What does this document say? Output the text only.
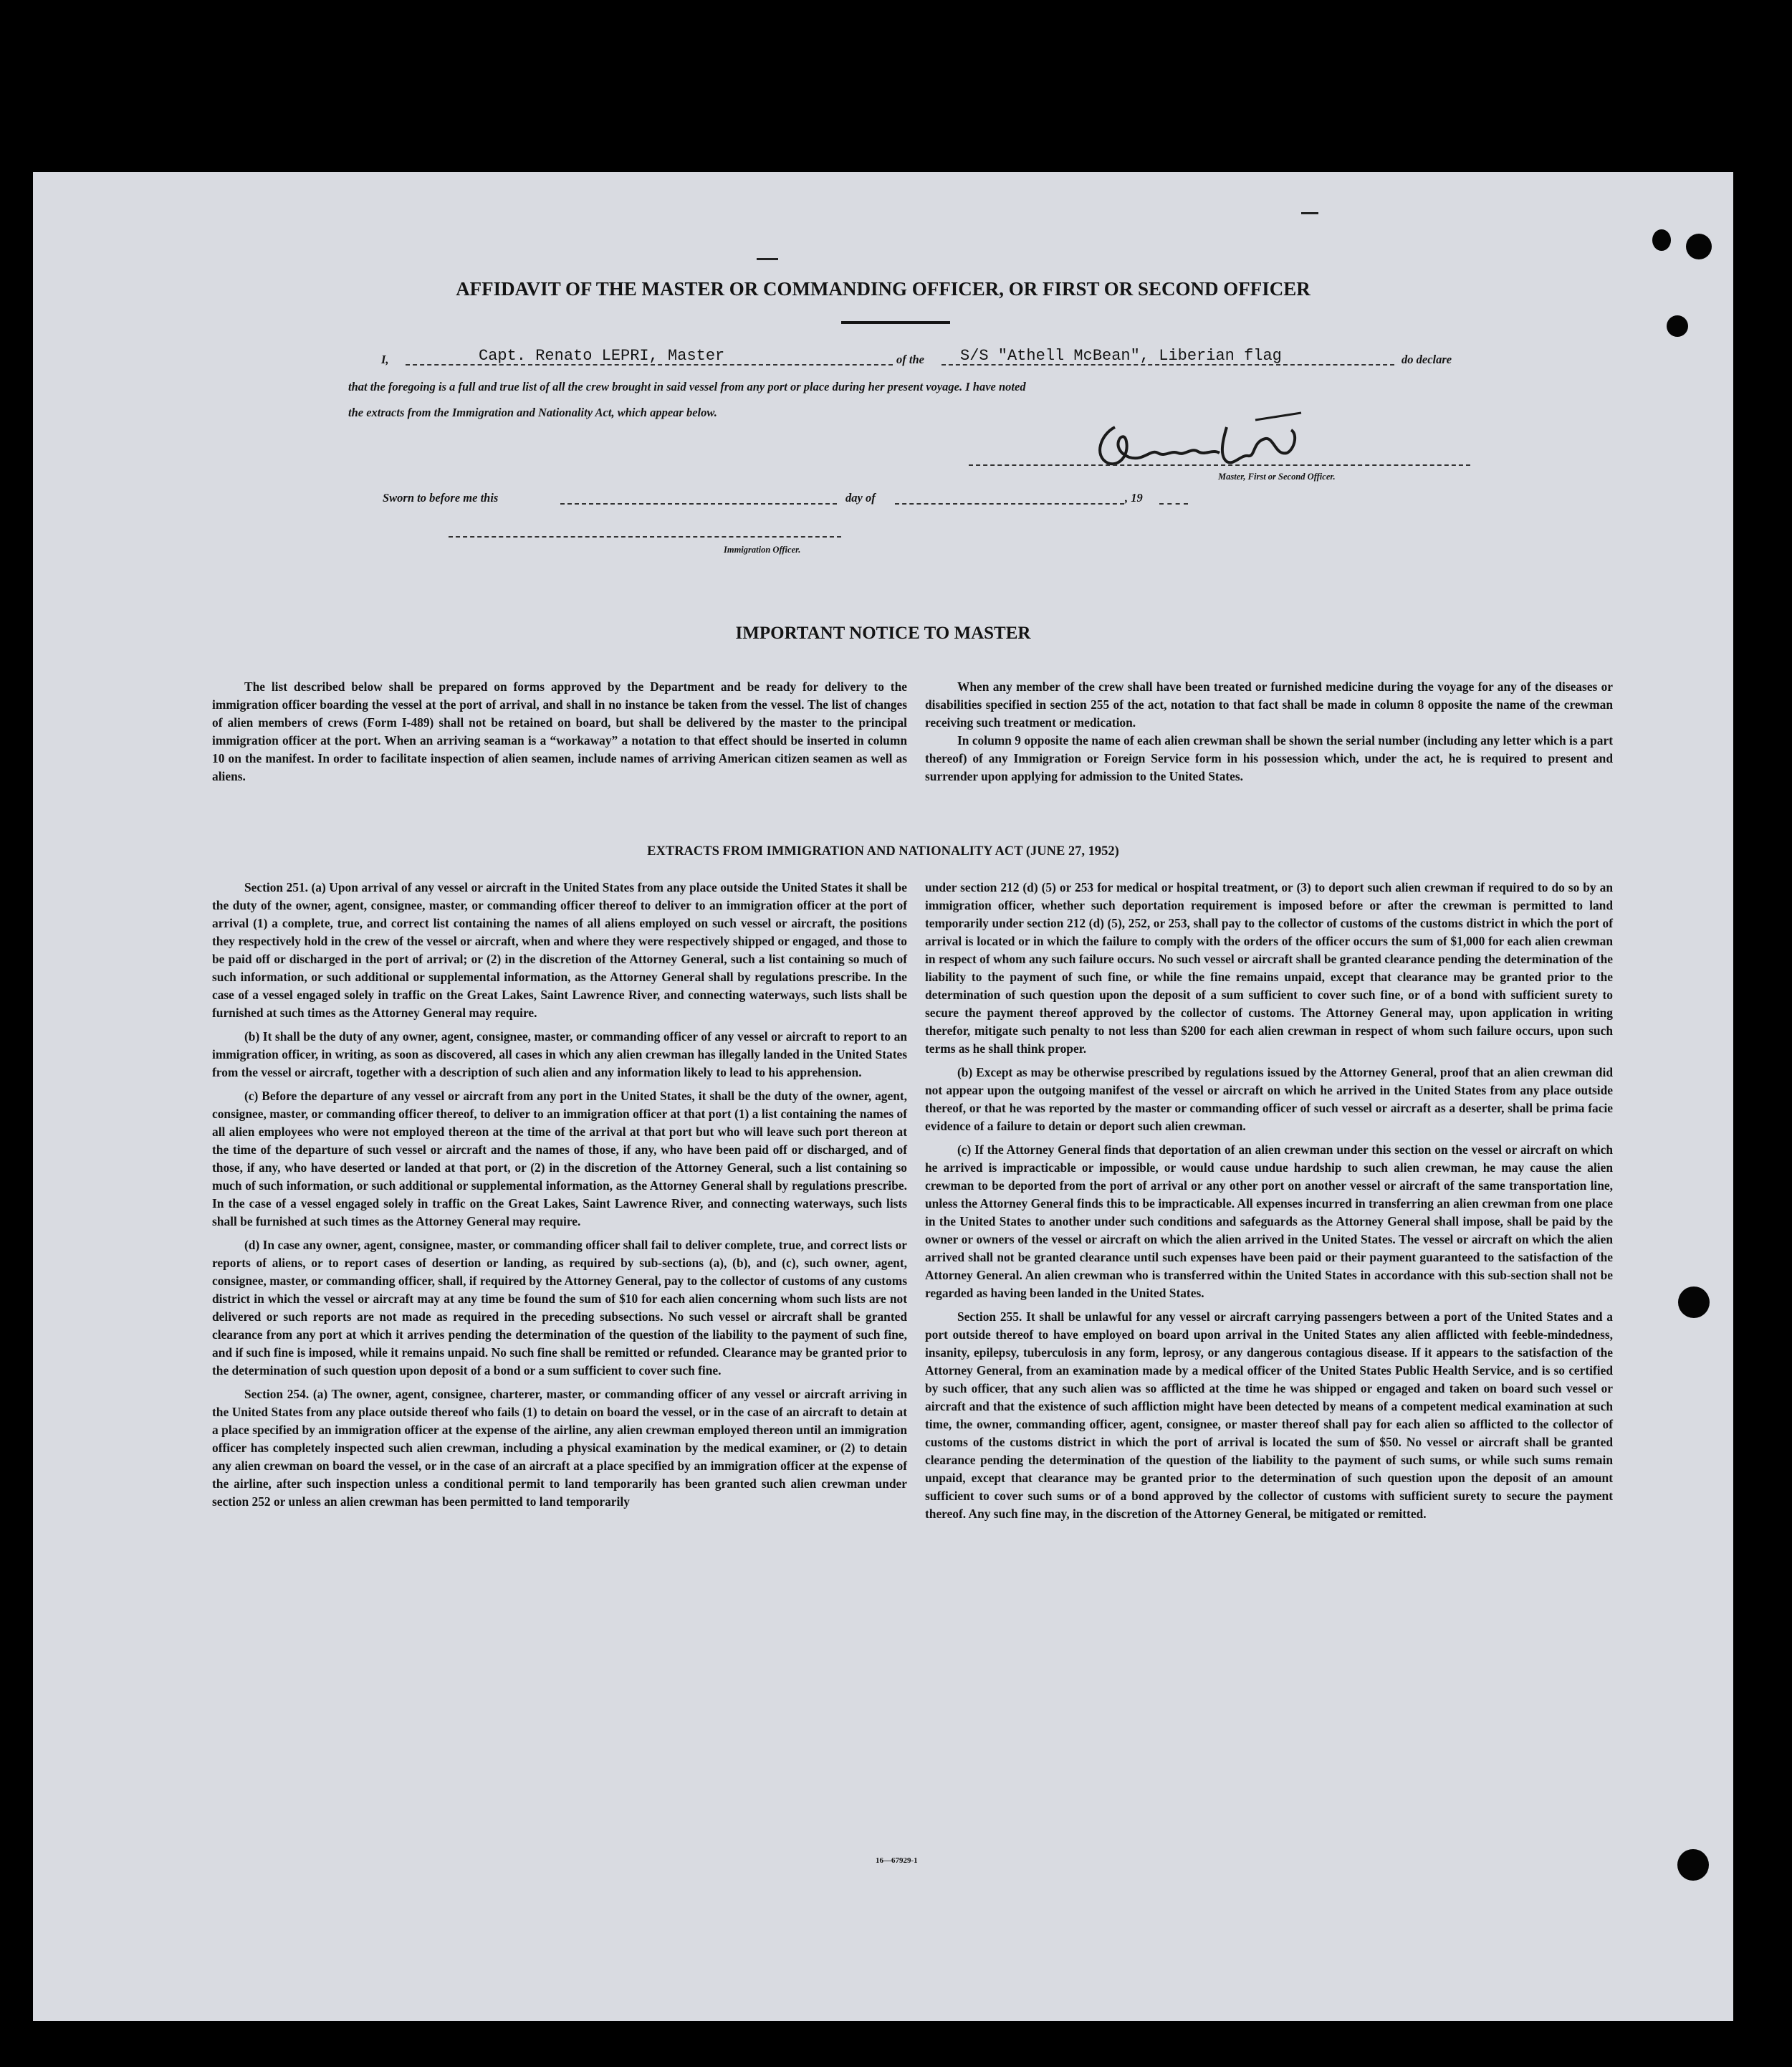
AFFIDAVIT OF THE MASTER OR COMMANDING OFFICER, OR FIRST OR SECOND OFFICER
I,	Capt. Renato LEPRI, Master	of the S/S "Athell McBean", Liberian flag	do declare
that the foregoing is a full and true list of all the crew brought in said vessel from any port or place during her present voyage. I have noted
the extracts from the Immigration and Nationality Act, which appear below.
Master, First or Second Officer.
Sworn to before me this	day of	, 19
Immigration Officer.
IMPORTANT NOTICE TO MASTER

The list described below shall be prepared on forms approved by the Department and be ready for delivery to the immigration officer boarding the vessel at the port of arrival, and shall in no instance be taken from the vessel. The list of changes of alien members of crews (Form I-489) shall not be retained on board, but shall be delivered by the master to the principal immigration officer at the port. When an arriving seaman is a “workaway” a notation to that effect should be inserted in column 10 on the manifest. In order to facilitate inspection of alien seamen, include names of arriving American citizen seamen as well as aliens.

When any member of the crew shall have been treated or furnished medicine during the voyage for any of the diseases or disabilities specified in section 255 of the act, notation to that fact shall be made in column 8 opposite the name of the crewman receiving such treatment or medication.

In column 9 opposite the name of each alien crewman shall be shown the serial number (including any letter which is a part thereof) of any Immigration or Foreign Service form in his possession which, under the act, he is required to present and surrender upon applying for admission to the United States.

EXTRACTS FROM IMMIGRATION AND NATIONALITY ACT (JUNE 27, 1952)

Section 251. (a) Upon arrival of any vessel or aircraft in the United States from any place outside the United States it shall be the duty of the owner, agent, consignee, master, or commanding officer thereof to deliver to an immigration officer at the port of arrival (1) a complete, true, and correct list containing the names of all aliens employed on such vessel or aircraft, the positions they respectively hold in the crew of the vessel or aircraft, when and where they were respectively shipped or engaged, and those to be paid off or discharged in the port of arrival; or (2) in the discretion of the Attorney General, such a list containing so much of such information, or such additional or supplemental information, as the Attorney General shall by regulations prescribe. In the case of a vessel engaged solely in traffic on the Great Lakes, Saint Lawrence River, and connecting waterways, such lists shall be furnished at such times as the Attorney General may require.

(b) It shall be the duty of any owner, agent, consignee, master, or commanding officer of any vessel or aircraft to report to an immigration officer, in writing, as soon as discovered, all cases in which any alien crewman has illegally landed in the United States from the vessel or aircraft, together with a description of such alien and any information likely to lead to his apprehension.

(c) Before the departure of any vessel or aircraft from any port in the United States, it shall be the duty of the owner, agent, consignee, master, or commanding officer thereof, to deliver to an immigration officer at that port (1) a list containing the names of all alien employees who were not employed thereon at the time of the arrival at that port but who will leave such port thereon at the time of the departure of such vessel or aircraft and the names of those, if any, who have been paid off or discharged, and of those, if any, who have deserted or landed at that port, or (2) in the discretion of the Attorney General, such a list containing so much of such information, or such additional or supplemental information, as the Attorney General shall by regulations prescribe. In the case of a vessel engaged solely in traffic on the Great Lakes, Saint Lawrence River, and connecting waterways, such lists shall be furnished at such times as the Attorney General may require.

(d) In case any owner, agent, consignee, master, or commanding officer shall fail to deliver complete, true, and correct lists or reports of aliens, or to report cases of desertion or landing, as required by sub-sections (a), (b), and (c), such owner, agent, consignee, master, or commanding officer, shall, if required by the Attorney General, pay to the collector of customs of any customs district in which the vessel or aircraft may at any time be found the sum of $10 for each alien concerning whom such lists are not delivered or such reports are not made as required in the preceding subsections. No such vessel or aircraft shall be granted clearance from any port at which it arrives pending the determination of the question of the liability to the payment of such fine, and if such fine is imposed, while it remains unpaid. No such fine shall be remitted or refunded. Clearance may be granted prior to the determination of such question upon deposit of a bond or a sum sufficient to cover such fine.

Section 254. (a) The owner, agent, consignee, charterer, master, or commanding officer of any vessel or aircraft arriving in the United States from any place outside thereof who fails (1) to detain on board the vessel, or in the case of an aircraft to detain at a place specified by an immigration officer at the expense of the airline, any alien crewman employed thereon until an immigration officer has completely inspected such alien crewman, including a physical examination by the medical examiner, or (2) to detain any alien crewman on board the vessel, or in the case of an aircraft at a place specified by an immigration officer at the expense of the airline, after such inspection unless a conditional permit to land temporarily has been granted such alien crewman under section 252 or unless an alien crewman has been permitted to land temporarily

under section 212 (d) (5) or 253 for medical or hospital treatment, or (3) to deport such alien crewman if required to do so by an immigration officer, whether such deportation requirement is imposed before or after the crewman is permitted to land temporarily under section 212 (d) (5), 252, or 253, shall pay to the collector of customs of the customs district in which the port of arrival is located or in which the failure to comply with the orders of the officer occurs the sum of $1,000 for each alien crewman in respect of whom any such failure occurs. No such vessel or aircraft shall be granted clearance pending the determination of the liability to the payment of such fine, or while the fine remains unpaid, except that clearance may be granted prior to the determination of such question upon the deposit of a sum sufficient to cover such fine, or of a bond with sufficient surety to secure the payment thereof approved by the collector of customs. The Attorney General may, upon application in writing therefor, mitigate such penalty to not less than $200 for each alien crewman in respect of whom such failure occurs, upon such terms as he shall think proper.

(b) Except as may be otherwise prescribed by regulations issued by the Attorney General, proof that an alien crewman did not appear upon the outgoing manifest of the vessel or aircraft on which he arrived in the United States from any place outside thereof, or that he was reported by the master or commanding officer of such vessel or aircraft as a deserter, shall be prima facie evidence of a failure to detain or deport such alien crewman.

(c) If the Attorney General finds that deportation of an alien crewman under this section on the vessel or aircraft on which he arrived is impracticable or impossible, or would cause undue hardship to such alien crewman, he may cause the alien crewman to be deported from the port of arrival or any other port on another vessel or aircraft of the same transportation line, unless the Attorney General finds this to be impracticable. All expenses incurred in transferring an alien crewman from one place in the United States to another under such conditions and safeguards as the Attorney General shall impose, shall be paid by the owner or owners of the vessel or aircraft on which the alien arrived in the United States. The vessel or aircraft on which the alien arrived shall not be granted clearance until such expenses have been paid or their payment guaranteed to the satisfaction of the Attorney General. An alien crewman who is transferred within the United States in accordance with this sub-section shall not be regarded as having been landed in the United States.

Section 255. It shall be unlawful for any vessel or aircraft carrying passengers between a port of the United States and a port outside thereof to have employed on board upon arrival in the United States any alien afflicted with feeble-mindedness, insanity, epilepsy, tuberculosis in any form, leprosy, or any dangerous contagious disease. If it appears to the satisfaction of the Attorney General, from an examination made by a medical officer of the United States Public Health Service, and is so certified by such officer, that any such alien was so afflicted at the time he was shipped or engaged and taken on board such vessel or aircraft and that the existence of such affliction might have been detected by means of a competent medical examination at such time, the owner, commanding officer, agent, consignee, or master thereof shall pay for each alien so afflicted to the collector of customs of the customs district in which the port of arrival is located the sum of $50. No vessel or aircraft shall be granted clearance pending the determination of the question of the liability to the payment of such sums, or while such sums remain unpaid, except that clearance may be granted prior to the determination of such question upon the deposit of an amount sufficient to cover such sums or of a bond approved by the collector of customs with sufficient surety to secure the payment thereof. Any such fine may, in the discretion of the Attorney General, be mitigated or remitted.

16—67929-1
